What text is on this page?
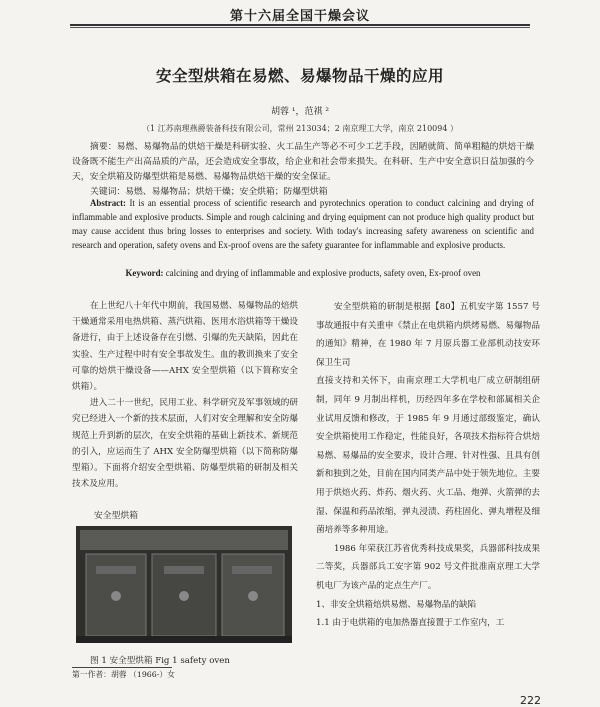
第十六届全国干燥会议
安全型烘箱在易燃、易爆物品干燥的应用
胡蓉 ¹，范祺 ²
（1 江苏南理燕爵装备科技有限公司，常州 213034；2 南京理工大学，南京 210094 ）

摘要：易燃、易爆物品的烘焙干燥是科研实验、火工品生产等必不可少工艺手段，因陋就简、简单粗糙的烘焙干燥设备既不能生产出高品质的产品，还会造成安全事故，给企业和社会带来损失。在科研、生产中安全意识日益加强的今天，安全烘箱及防爆型烘箱是易燃、易爆物品烘焙干燥的安全保证。

关键词：易燃、易爆物品；烘焙干燥；安全烘箱；防爆型烘箱

Abstract: It is an essential process of scientific research and pyrotechnics operation to conduct calcining and drying of inflammable and explosive products. Simple and rough calcining and drying equipment can not produce high quality product but may cause accident thus bring losses to enterprises and society. With today's increasing safety awareness on scientific and research and operation, safety ovens and Ex-proof ovens are the safety guarantee for inflammable and explosive products.

Keyword: calcining and drying of inflammable and explosive products, safety oven, Ex-proof oven

在上世纪八十年代中期前，我国易燃、易爆物品的焙烘干燥通常采用电热烘箱、蒸汽烘箱、医用水浴烘箱等干燥设备进行，由于上述设备存在引燃、引爆的先天缺陷，因此在实验、生产过程中时有安全事故发生。血的教训换来了安全可靠的焙烘干燥设备——AHX 安全型烘箱（以下简称安全烘箱）。

进入二十一世纪，民用工业、科学研究及军事领域的研究已经进入一个新的技术层面，人们对安全理解和安全防爆规范上升到新的层次，在安全烘箱的基础上新技术、新规范的引入，应运而生了 AHX 安全防爆型烘箱（以下简称防爆型箱）。下面将介绍安全型烘箱、防爆型烘箱的研制及相关技术及应用。

安全型烘箱
图 1 安全型烘箱 Fig 1 safety oven
第一作者：胡蓉 （1966-）女

安全型烘箱的研制是根据【80】五机安字第 1557 号事故通报中有关重申《禁止在电烘箱内烘烤易燃、易爆物品的通知》精神，在 1980 年 7 月原兵器工业部机动技安环保卫生司

直接支持和关怀下，由南京理工大学机电厂成立研制组研制，同年 9 月制出样机，历经四年多在学校和部属相关企业试用反馈和修改，于 1985 年 9 月通过部级鉴定，确认安全烘箱使用工作稳定，性能良好，各项技术指标符合烘焙易燃、易爆品的安全要求，设计合理、针对性强、且具有创新和独到之处，目前在国内同类产品中处于领先地位。主要用于烘焙火药、炸药、烟火药、火工品、炮弹、火箭弹的去湿、保温和药品浓缩，弹丸浸渍、药柱固化、弹丸增程及细菌培养等多种用途。

1986 年荣获江苏省优秀科技成果奖，兵器部科技成果二等奖，兵器部兵工安字第 902 号文件批准南京理工大学机电厂为该产品的定点生产厂。

1、非安全烘箱焙烘易燃、易爆物品的缺陷

1.1 由于电烘箱的电加热器直接置于工作室内，工

222
